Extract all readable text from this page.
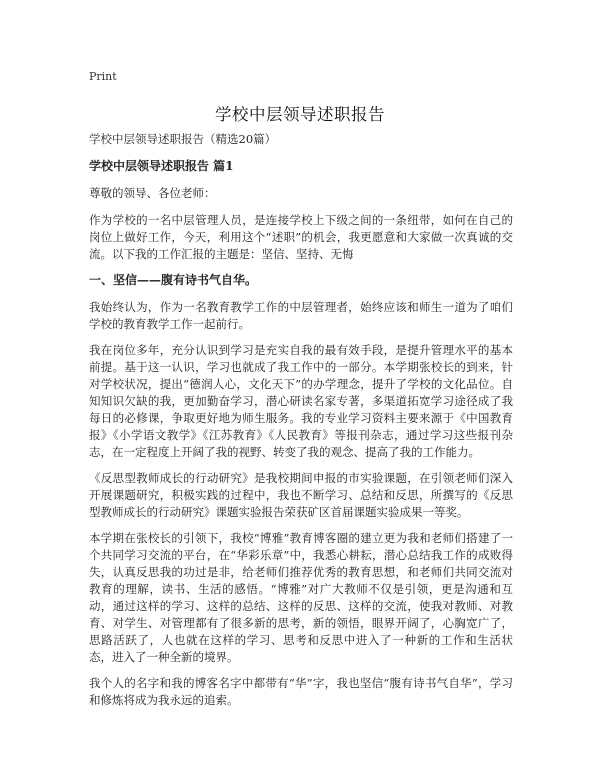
Print
学校中层领导述职报告

学校中层领导述职报告（精选20篇）

学校中层领导述职报告 篇1

尊敬的领导、各位老师：

作为学校的一名中层管理人员，是连接学校上下级之间的一条纽带，如何在自己的岗位上做好工作，今天，利用这个“述职”的机会，我更愿意和大家做一次真诚的交流。以下我的工作汇报的主题是：坚信、坚持、无悔

一、坚信——腹有诗书气自华。

我始终认为，作为一名教育教学工作的中层管理者，始终应该和师生一道为了咱们学校的教育教学工作一起前行。

我在岗位多年，充分认识到学习是充实自我的最有效手段，是提升管理水平的基本前提。基于这一认识，学习也就成了我工作中的一部分。本学期张校长的到来，针对学校状况，提出“德润人心，文化天下”的办学理念，提升了学校的文化品位。自知知识欠缺的我，更加勤奋学习，潜心研读名家专著，多渠道拓宽学习途径成了我每日的必修课，争取更好地为师生服务。我的专业学习资料主要来源于《中国教育报》《小学语文教学》《江苏教育》《人民教育》等报刊杂志，通过学习这些报刊杂志，在一定程度上开阔了我的视野、转变了我的观念、提高了我的工作能力。

《反思型教师成长的行动研究》是我校期间申报的市实验课题，在引领老师们深入开展课题研究，积极实践的过程中，我也不断学习、总结和反思，所撰写的《反思型教师成长的行动研究》课题实验报告荣获矿区首届课题实验成果一等奖。

本学期在张校长的引领下，我校“博雅”教育博客圈的建立更为我和老师们搭建了一个共同学习交流的平台，在“华彩乐章”中，我悉心耕耘，潜心总结我工作的成败得失，认真反思我的功过是非，给老师们推荐优秀的教育思想，和老师们共同交流对教育的理解，读书、生活的感悟。“博雅”对广大教师不仅是引领，更是沟通和互动，通过这样的学习、这样的总结、这样的反思、这样的交流，使我对教师、对教育、对学生、对管理都有了很多新的思考，新的领悟，眼界开阔了，心胸宽广了，思路活跃了，人也就在这样的学习、思考和反思中进入了一种新的工作和生活状态，进入了一种全新的境界。

我个人的名字和我的博客名字中都带有“华”字，我也坚信“腹有诗书气自华”，学习和修炼将成为我永远的追索。
